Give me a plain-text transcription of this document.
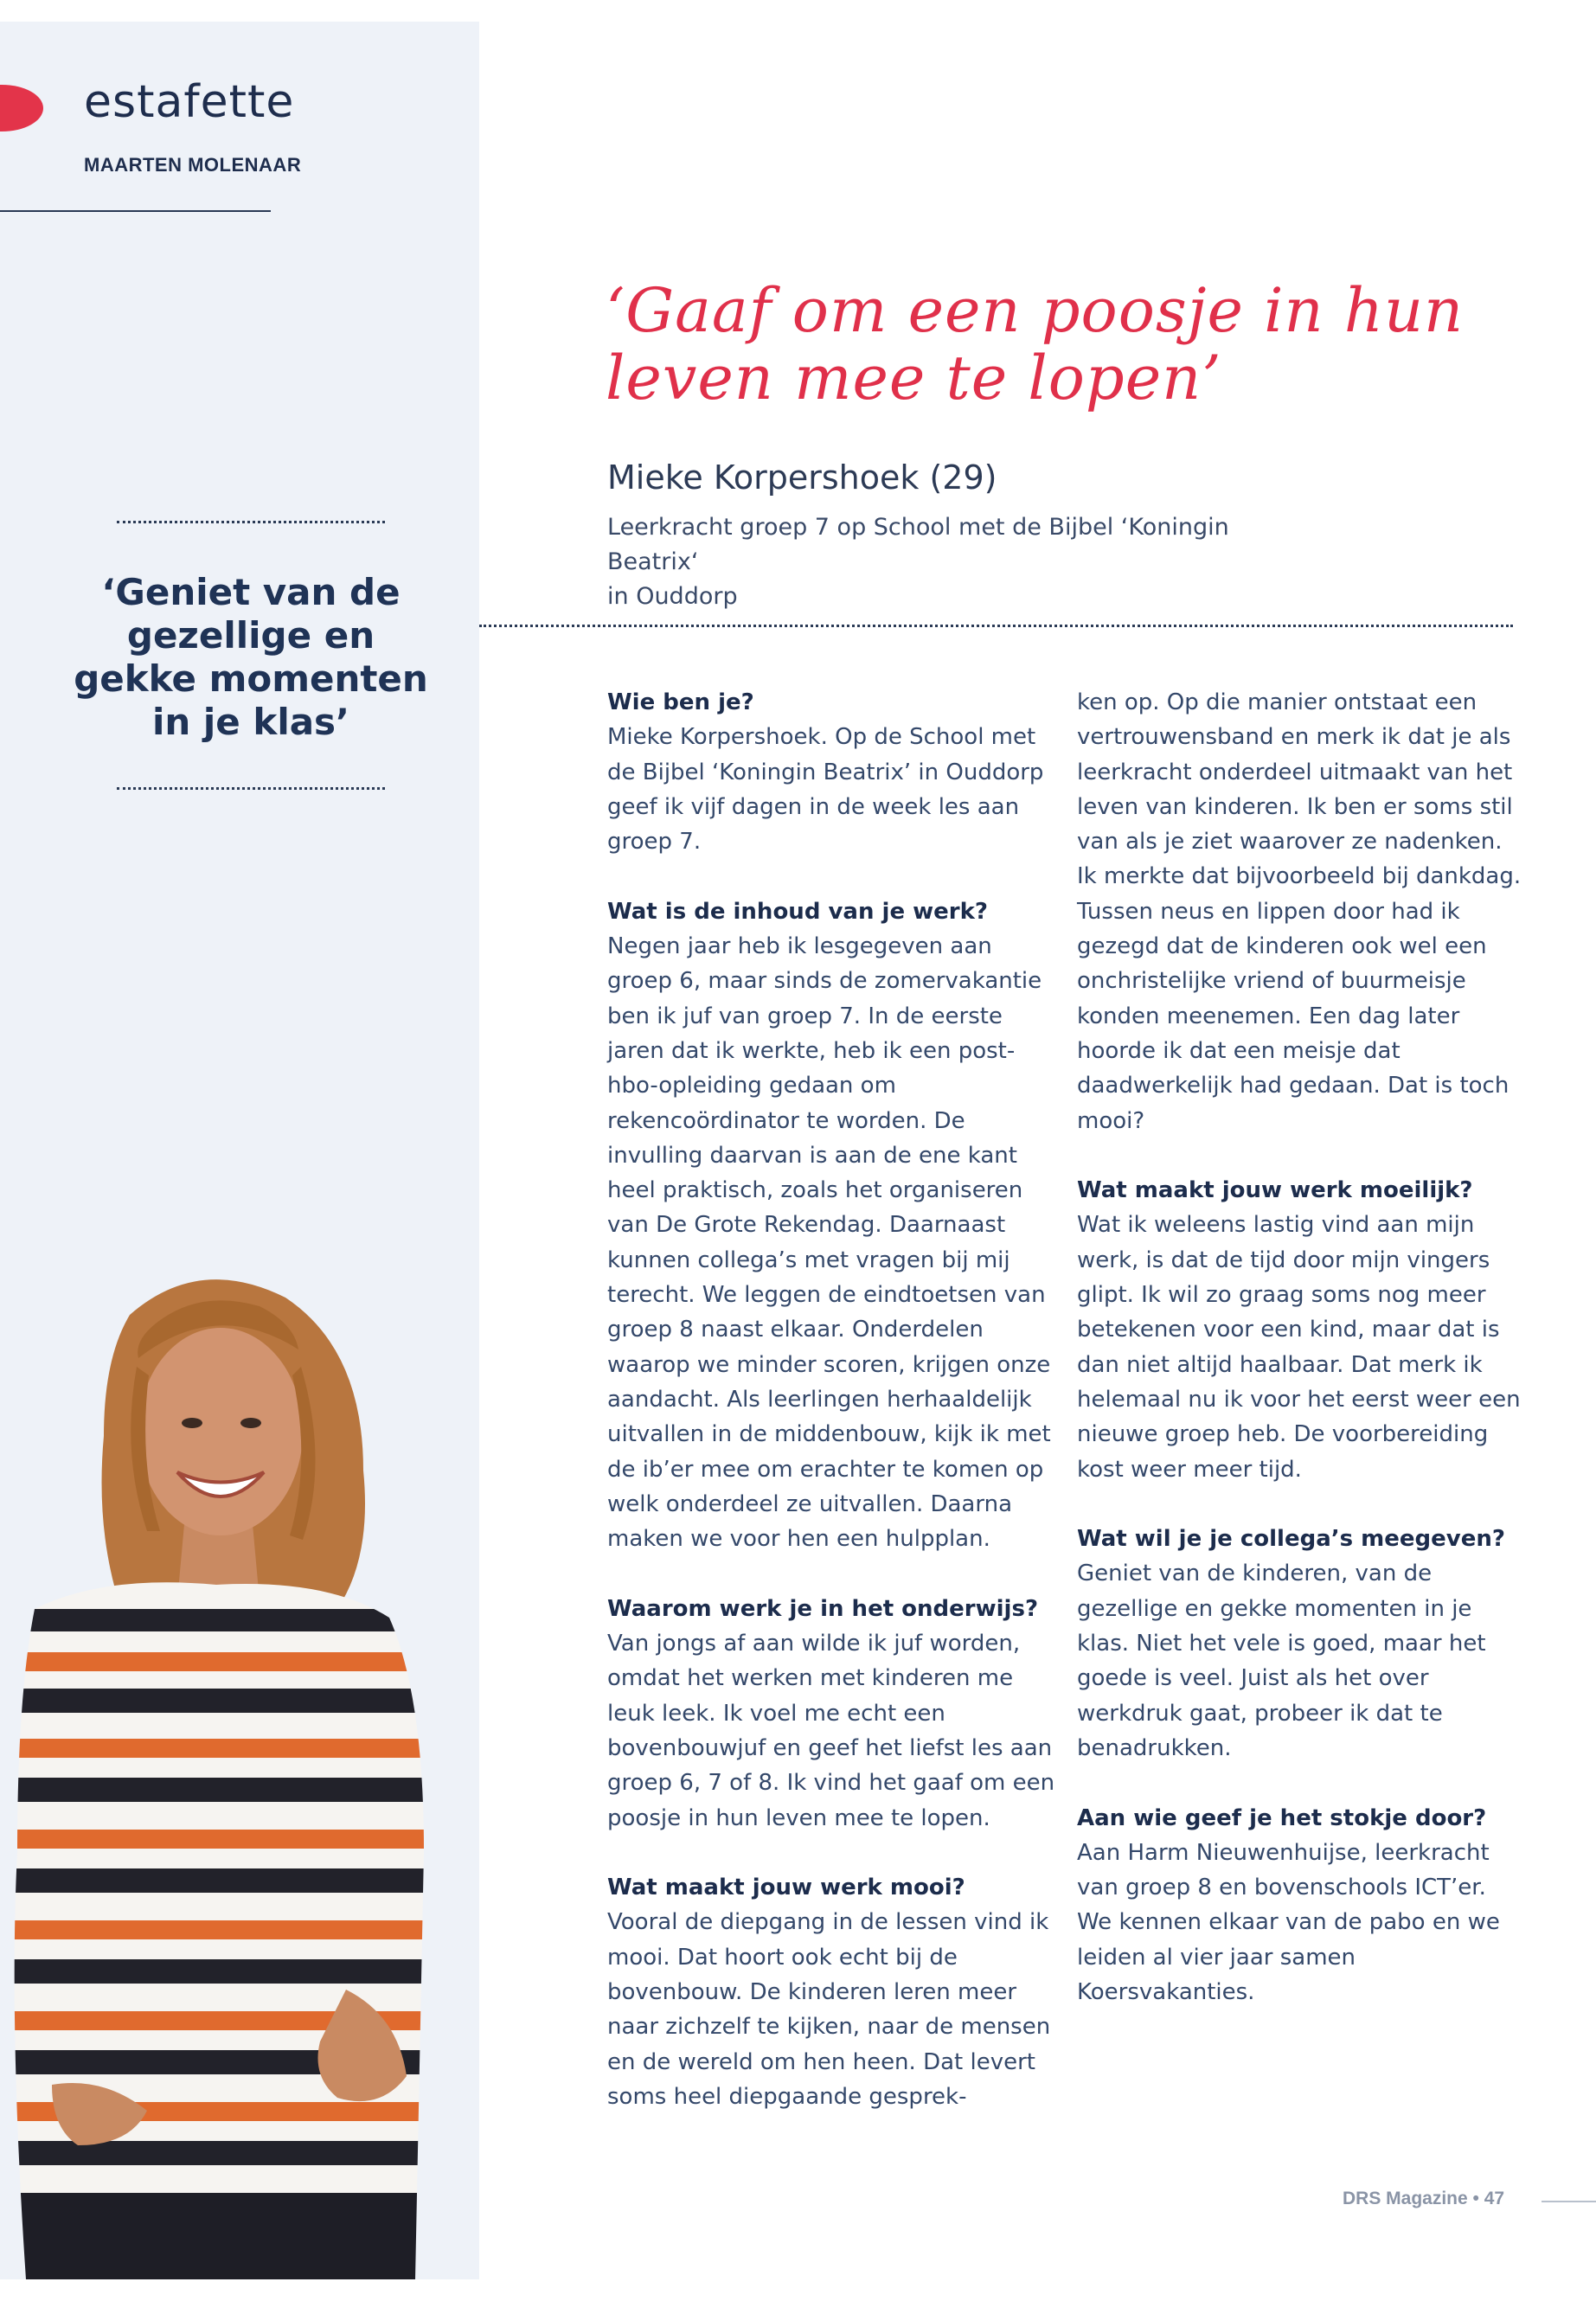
estafette
MAARTEN MOLENAAR
‘Geniet van de gezellige en gekke momenten in je klas’
‘Gaaf om een poosje in hun
leven mee te lopen’
Mieke Korpershoek (29)
Leerkracht groep 7 op School met de Bijbel ‘Koningin Beatrix‘
in Ouddorp

Wie ben je?
Mieke Korpershoek. Op de School met de Bijbel ‘Koningin Beatrix’ in Ouddorp geef ik vijf dagen in de week les aan groep 7.

Wat is de inhoud van je werk?
Negen jaar heb ik lesgegeven aan groep 6, maar sinds de zomervakantie ben ik juf van groep 7. In de eerste jaren dat ik werkte, heb ik een post-hbo-opleiding gedaan om rekencoördinator te worden. De invulling daarvan is aan de ene kant heel praktisch, zoals het organiseren van De Grote Rekendag. Daarnaast kunnen collega’s met vragen bij mij terecht. We leggen de eindtoetsen van groep 8 naast elkaar. Onderdelen waarop we minder scoren, krijgen onze aandacht. Als leerlingen herhaaldelijk uitvallen in de middenbouw, kijk ik met de ib’er mee om erachter te komen op welk onderdeel ze uitvallen. Daarna maken we voor hen een hulpplan.

Waarom werk je in het onderwijs?
Van jongs af aan wilde ik juf worden, omdat het werken met kinderen me leuk leek. Ik voel me echt een bovenbouwjuf en geef het liefst les aan groep 6, 7 of 8. Ik vind het gaaf om een poosje in hun leven mee te lopen.

Wat maakt jouw werk mooi?
Vooral de diepgang in de lessen vind ik mooi. Dat hoort ook echt bij de bovenbouw. De kinderen leren meer naar zichzelf te kijken, naar de mensen en de wereld om hen heen. Dat levert soms heel diepgaande gesprek-

ken op. Op die manier ontstaat een vertrouwensband en merk ik dat je als leerkracht onderdeel uitmaakt van het leven van kinderen. Ik ben er soms stil van als je ziet waarover ze nadenken. Ik merkte dat bijvoorbeeld bij dankdag. Tussen neus en lippen door had ik gezegd dat de kinderen ook wel een onchristelijke vriend of buurmeisje konden meenemen. Een dag later hoorde ik dat een meisje dat daadwerkelijk had gedaan. Dat is toch mooi?

Wat maakt jouw werk moeilijk?
Wat ik weleens lastig vind aan mijn werk, is dat de tijd door mijn vingers glipt. Ik wil zo graag soms nog meer betekenen voor een kind, maar dat is dan niet altijd haalbaar. Dat merk ik helemaal nu ik voor het eerst weer een nieuwe groep heb. De voorbereiding kost weer meer tijd.

Wat wil je je collega’s meegeven?
Geniet van de kinderen, van de gezellige en gekke momenten in je klas. Niet het vele is goed, maar het goede is veel. Juist als het over werkdruk gaat, probeer ik dat te benadrukken.

Aan wie geef je het stokje door?
Aan Harm Nieuwenhuijse, leerkracht van groep 8 en bovenschools ICT’er. We kennen elkaar van de pabo en we leiden al vier jaar samen Koersvakanties.

DRS Magazine • 47
